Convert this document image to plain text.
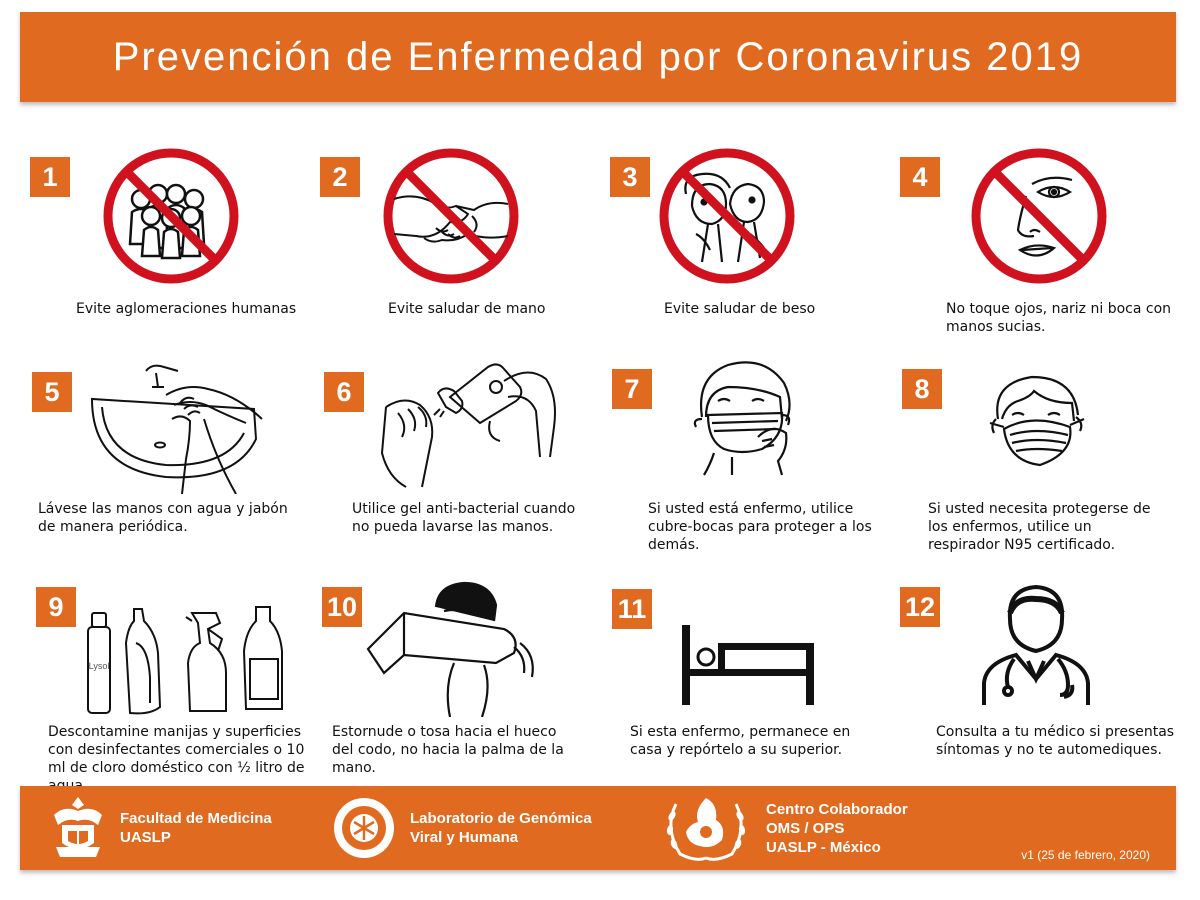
Prevención de Enfermedad por Coronavirus 2019
1
Evite aglomeraciones humanas
2
Evite saludar de mano
3
Evite saludar de beso
4
No toque ojos, nariz ni boca con manos sucias.
5
Lávese las manos con agua y jabón de manera periódica.
6
Utilice gel anti-bacterial cuando no pueda lavarse las manos.
7
Si usted está enfermo, utilice cubre-bocas para proteger a los demás.
8
Si usted necesita protegerse de los enfermos, utilice un respirador N95 certificado.
9
Lysol
Descontamine manijas y superficies con desinfectantes comerciales o 10 ml de cloro doméstico con ½ litro de
10
Estornude o tosa hacia el hueco del codo, no hacia la palma de la mano.
11
Si esta enfermo, permanece en casa y repórtelo a su superior.
12
Consulta a tu médico si presentas síntomas y no te automediques.
Facultad de Medicina
UASLP
Laboratorio de Genómica
Viral y Humana
Centro Colaborador
OMS / OPS
UASLP - México	v1 (25 de febrero, 2020)
